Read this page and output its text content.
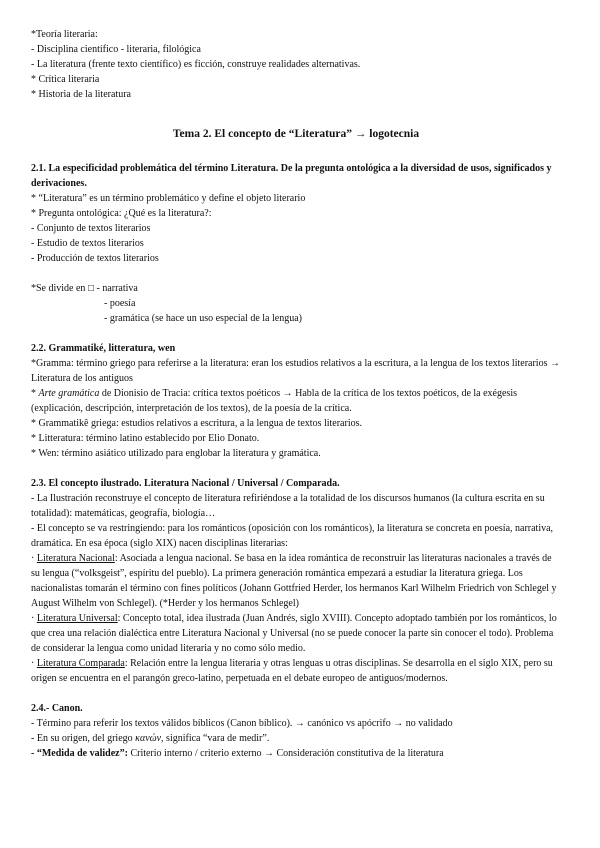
*Teoría literaria:
- Disciplina científico - literaria, filológica
- La literatura (frente texto científico) es ficción, construye realidades alternativas.
* Crítica literaria
* Historia de la literatura
Tema 2. El concepto de “Literatura” → logotecnia
2.1. La especificidad problemática del término Literatura. De la pregunta ontológica a la diversidad de usos, significados y derivaciones.
* “Literatura” es un término problemático y define el objeto literario
* Pregunta ontológica: ¿Qué es la literatura?:
- Conjunto de textos literarios
- Estudio de textos literarios
- Producción de textos literarios
*Se divide en □ - narrativa
- poesía
- gramática (se hace un uso especial de la lengua)
2.2. Grammatiké, litteratura, wen
*Gramma: término griego para referirse a la literatura: eran los estudios relativos a la escritura, a la lengua de los textos literarios → Literatura de los antiguos
* Arte gramática de Dionisio de Tracia: crítica textos poéticos → Habla de la crítica de los textos poéticos, de la exégesis (explicación, descripción, interpretación de los textos), de la poesía de la crítica.
* Grammatikê griega: estudios relativos a escritura, a la lengua de textos literarios.
* Litteratura: término latino establecido por Elio Donato.
* Wen: término asiático utilizado para englobar la literatura y gramática.
2.3. El concepto ilustrado. Literatura Nacional / Universal / Comparada.
- La Ilustración reconstruye el concepto de literatura refiriéndose a la totalidad de los discursos humanos (la cultura escrita en su totalidad): matemáticas, geografía, biología…
- El concepto se va restringiendo: para los románticos (oposición con los románticos), la literatura se concreta en poesía, narrativa, dramática. En esa época (siglo XIX) nacen disciplinas literarias:
· Literatura Nacional: Asociada a lengua nacional. Se basa en la idea romántica de reconstruir las literaturas nacionales a través de su lengua (“volksgeist”, espíritu del pueblo). La primera generación romántica empezará a estudiar la literatura griega. Los nacionalistas tomarán el término con fines políticos (Johann Gottfried Herder, los hermanos Karl Wilhelm Friedrich von Schlegel y August Wilhelm von Schlegel). (*Herder y los hermanos Schlegel)
· Literatura Universal: Concepto total, idea ilustrada (Juan Andrés, siglo XVIII). Concepto adoptado también por los románticos, lo que crea una relación dialéctica entre Literatura Nacional y Universal (no se puede conocer la parte sin conocer el todo). Problema de considerar la lengua como unidad literaria y no como sólo medio.
· Literatura Comparada: Relación entre la lengua literaria y otras lenguas u otras disciplinas. Se desarrolla en el siglo XIX, pero su origen se encuentra en el parangón greco-latino, perpetuada en el debate europeo de antiguos/modernos.
2.4.- Canon.
- Término para referir los textos válidos bíblicos (Canon bíblico). → canónico vs apócrifo → no validado
- En su origen, del griego κανών, significa “vara de medir”.
- “Medida de validez”: Criterio interno / criterio externo → Consideración constitutiva de la literatura
